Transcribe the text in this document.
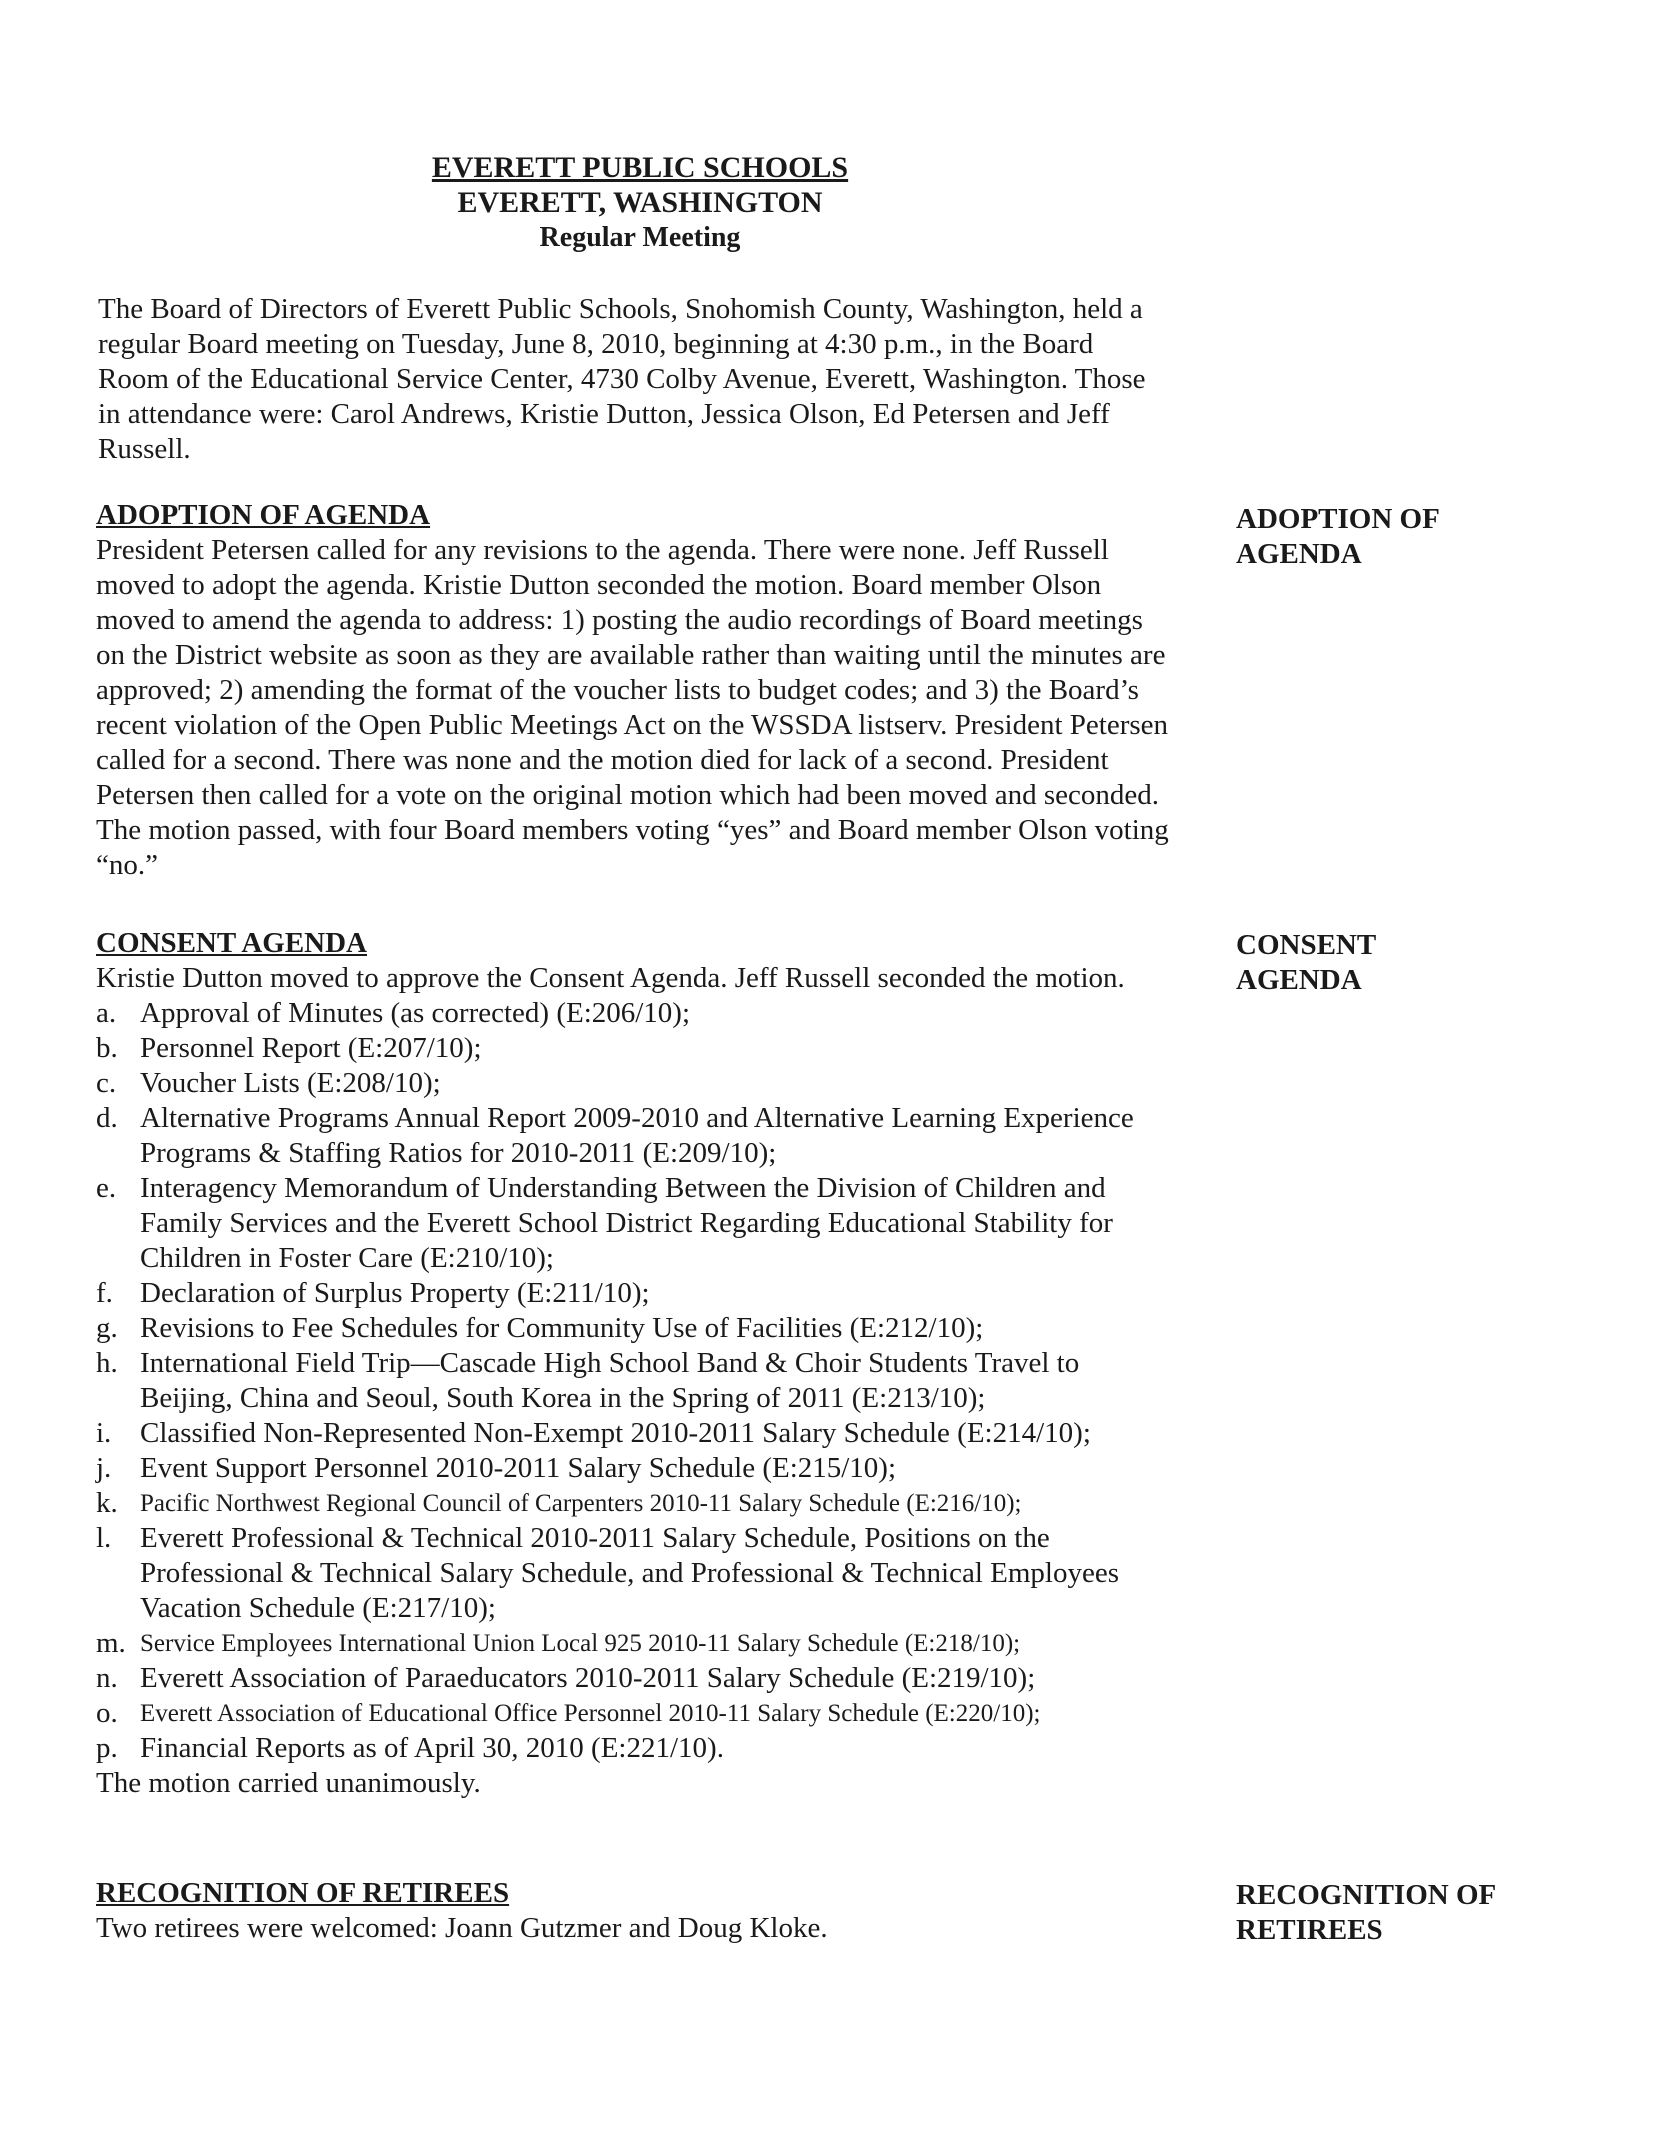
EVERETT PUBLIC SCHOOLS
EVERETT, WASHINGTON
Regular Meeting
The Board of Directors of Everett Public Schools, Snohomish County, Washington, held a regular Board meeting on Tuesday, June 8, 2010, beginning at 4:30 p.m., in the Board Room of the Educational Service Center, 4730 Colby Avenue, Everett, Washington. Those in attendance were: Carol Andrews, Kristie Dutton, Jessica Olson, Ed Petersen and Jeff Russell.
ADOPTION OF AGENDA
President Petersen called for any revisions to the agenda. There were none. Jeff Russell moved to adopt the agenda. Kristie Dutton seconded the motion. Board member Olson moved to amend the agenda to address: 1) posting the audio recordings of Board meetings on the District website as soon as they are available rather than waiting until the minutes are approved; 2) amending the format of the voucher lists to budget codes; and 3) the Board’s recent violation of the Open Public Meetings Act on the WSSDA listserv. President Petersen called for a second. There was none and the motion died for lack of a second. President Petersen then called for a vote on the original motion which had been moved and seconded. The motion passed, with four Board members voting “yes” and Board member Olson voting “no.”
ADOPTION OF
AGENDA
CONSENT AGENDA
Kristie Dutton moved to approve the Consent Agenda. Jeff Russell seconded the motion.
a. Approval of Minutes (as corrected) (E:206/10);
b. Personnel Report (E:207/10);
c. Voucher Lists (E:208/10);
d. Alternative Programs Annual Report 2009-2010 and Alternative Learning Experience Programs & Staffing Ratios for 2010-2011 (E:209/10);
e. Interagency Memorandum of Understanding Between the Division of Children and Family Services and the Everett School District Regarding Educational Stability for Children in Foster Care (E:210/10);
f. Declaration of Surplus Property (E:211/10);
g. Revisions to Fee Schedules for Community Use of Facilities (E:212/10);
h. International Field Trip—Cascade High School Band & Choir Students Travel to Beijing, China and Seoul, South Korea in the Spring of 2011 (E:213/10);
i. Classified Non-Represented Non-Exempt 2010-2011 Salary Schedule (E:214/10);
j. Event Support Personnel 2010-2011 Salary Schedule (E:215/10);
k. Pacific Northwest Regional Council of Carpenters 2010-11 Salary Schedule (E:216/10);
l. Everett Professional & Technical 2010-2011 Salary Schedule, Positions on the Professional & Technical Salary Schedule, and Professional & Technical Employees Vacation Schedule (E:217/10);
m. Service Employees International Union Local 925 2010-11 Salary Schedule (E:218/10);
n. Everett Association of Paraeducators 2010-2011 Salary Schedule (E:219/10);
o. Everett Association of Educational Office Personnel 2010-11 Salary Schedule (E:220/10);
p. Financial Reports as of April 30, 2010 (E:221/10).
The motion carried unanimously.
CONSENT
AGENDA
RECOGNITION OF RETIREES
Two retirees were welcomed: Joann Gutzmer and Doug Kloke.
RECOGNITION OF
RETIREES
